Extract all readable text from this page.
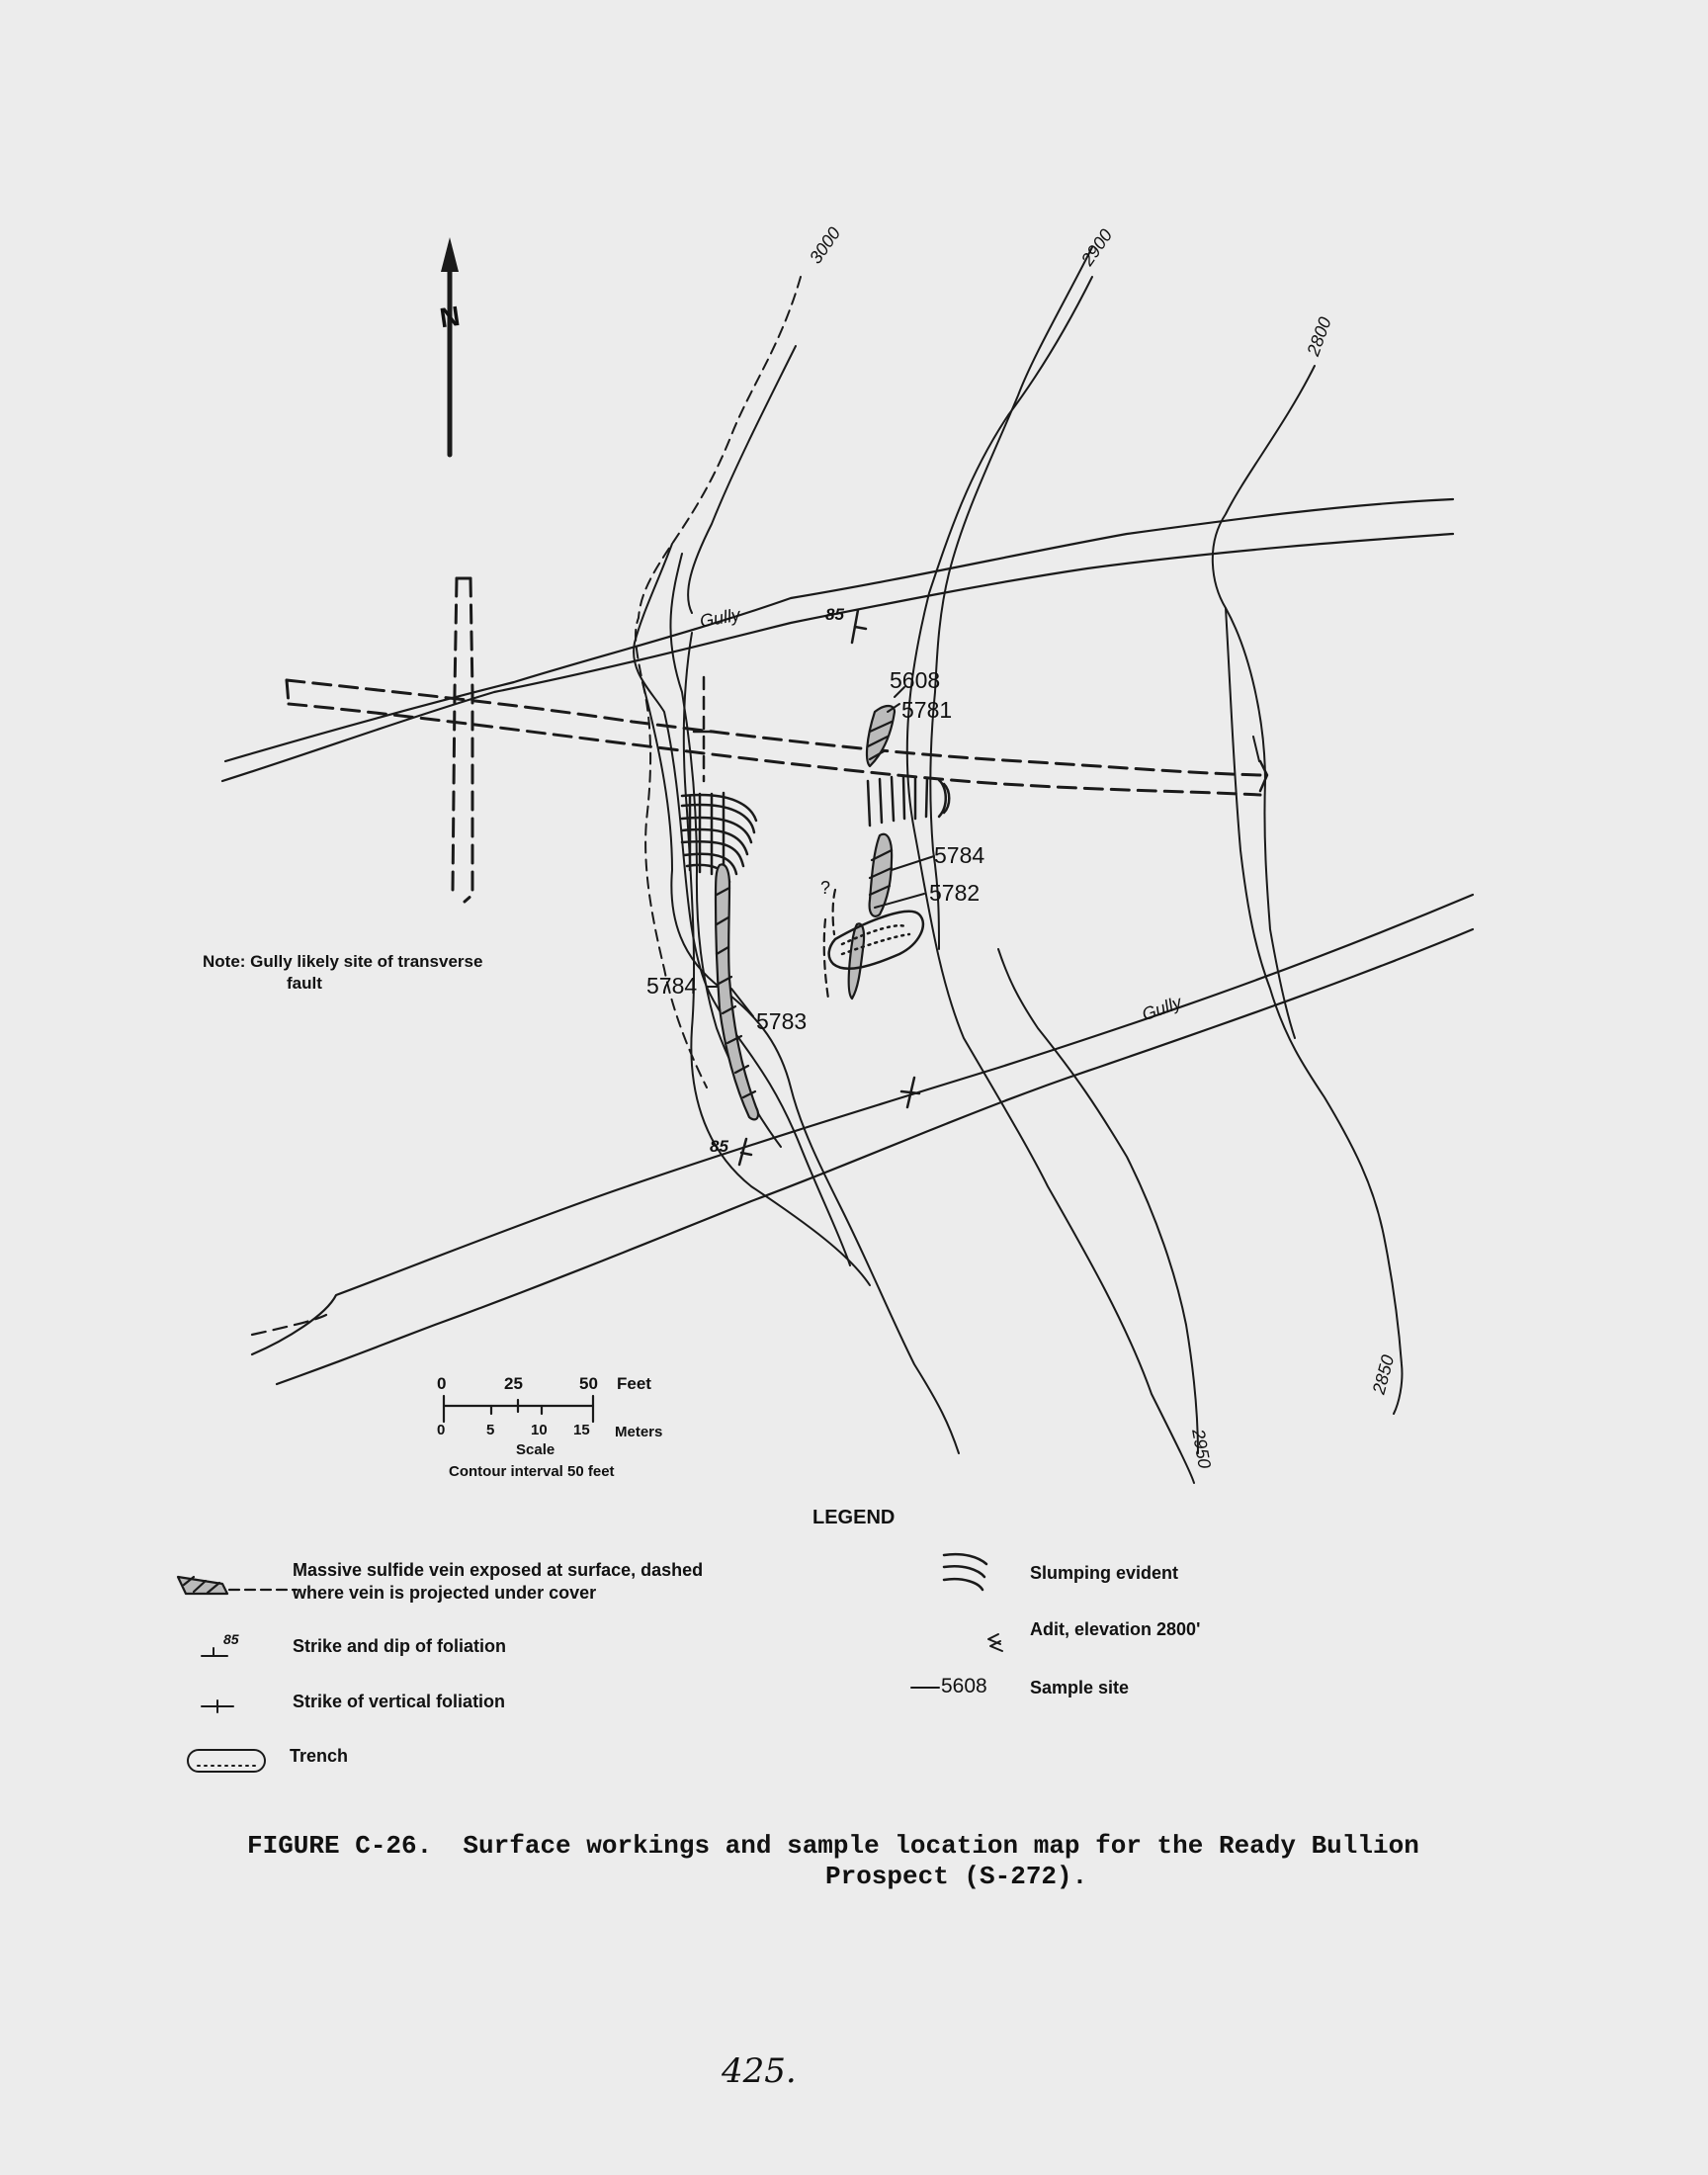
N
3000	2900
2800
2950
2850
Gully
Gully
85
85
5608
5781
5784
5782
5784
5783
?
Note: Gully likely site of transverse
fault
0	25	50 Feet
0	5 10 15 Meters
Scale
Contour interval 50 feet
LEGEND
Massive sulfide vein exposed at surface, dashed
where vein is projected under cover
85	Strike and dip of foliation
Strike of vertical foliation
Trench
Slumping evident
Adit, elevation 2800'
5608 Sample site
FIGURE C-26.  Surface workings and sample location map for the Ready Bullion
Prospect (S-272).
425.
